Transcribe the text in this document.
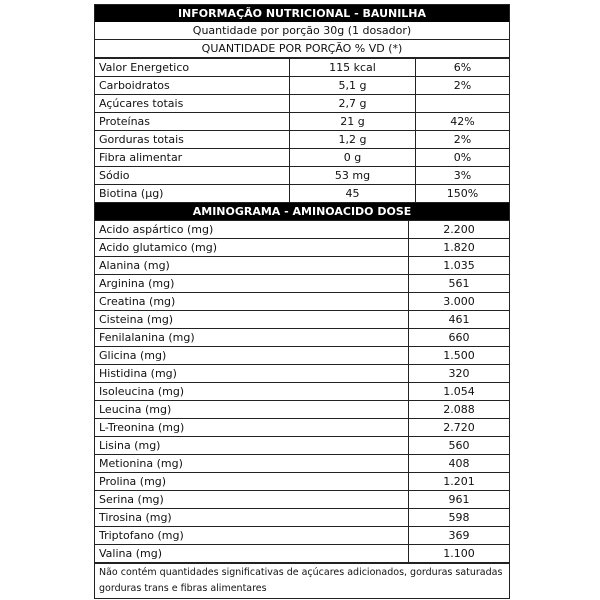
INFORMAÇÃO NUTRICIONAL - BAUNILHA
Quantidade por porção 30g (1 dosador)
QUANTIDADE POR PORÇÃO % VD (*)
Valor Energetico	115 kcal	6%
Carboidratos	5,1 g	2%
Açúcares totais	2,7 g	
Proteínas	21 g	42%
Gorduras totais	1,2 g	2%
Fibra alimentar	0 g	0%
Sódio	53 mg	3%
Biotina (µg)	45	150%
AMINOGRAMA - AMINOACIDO DOSE
Acido aspártico (mg)	2.200
Acido glutamico (mg)	1.820
Alanina (mg)	1.035
Arginina (mg)	561
Creatina (mg)	3.000
Cisteina (mg)	461
Fenilalanina (mg)	660
Glicina (mg)	1.500
Histidina (mg)	320
Isoleucina (mg)	1.054
Leucina (mg)	2.088
L-Treonina (mg)	2.720
Lisina (mg)	560
Metionina (mg)	408
Prolina (mg)	1.201
Serina (mg)	961
Tirosina (mg)	598
Triptofano (mg)	369
Valina (mg)	1.100
Não contém quantidades significativas de açúcares adicionados, gorduras saturadas gorduras trans e fibras alimentares
